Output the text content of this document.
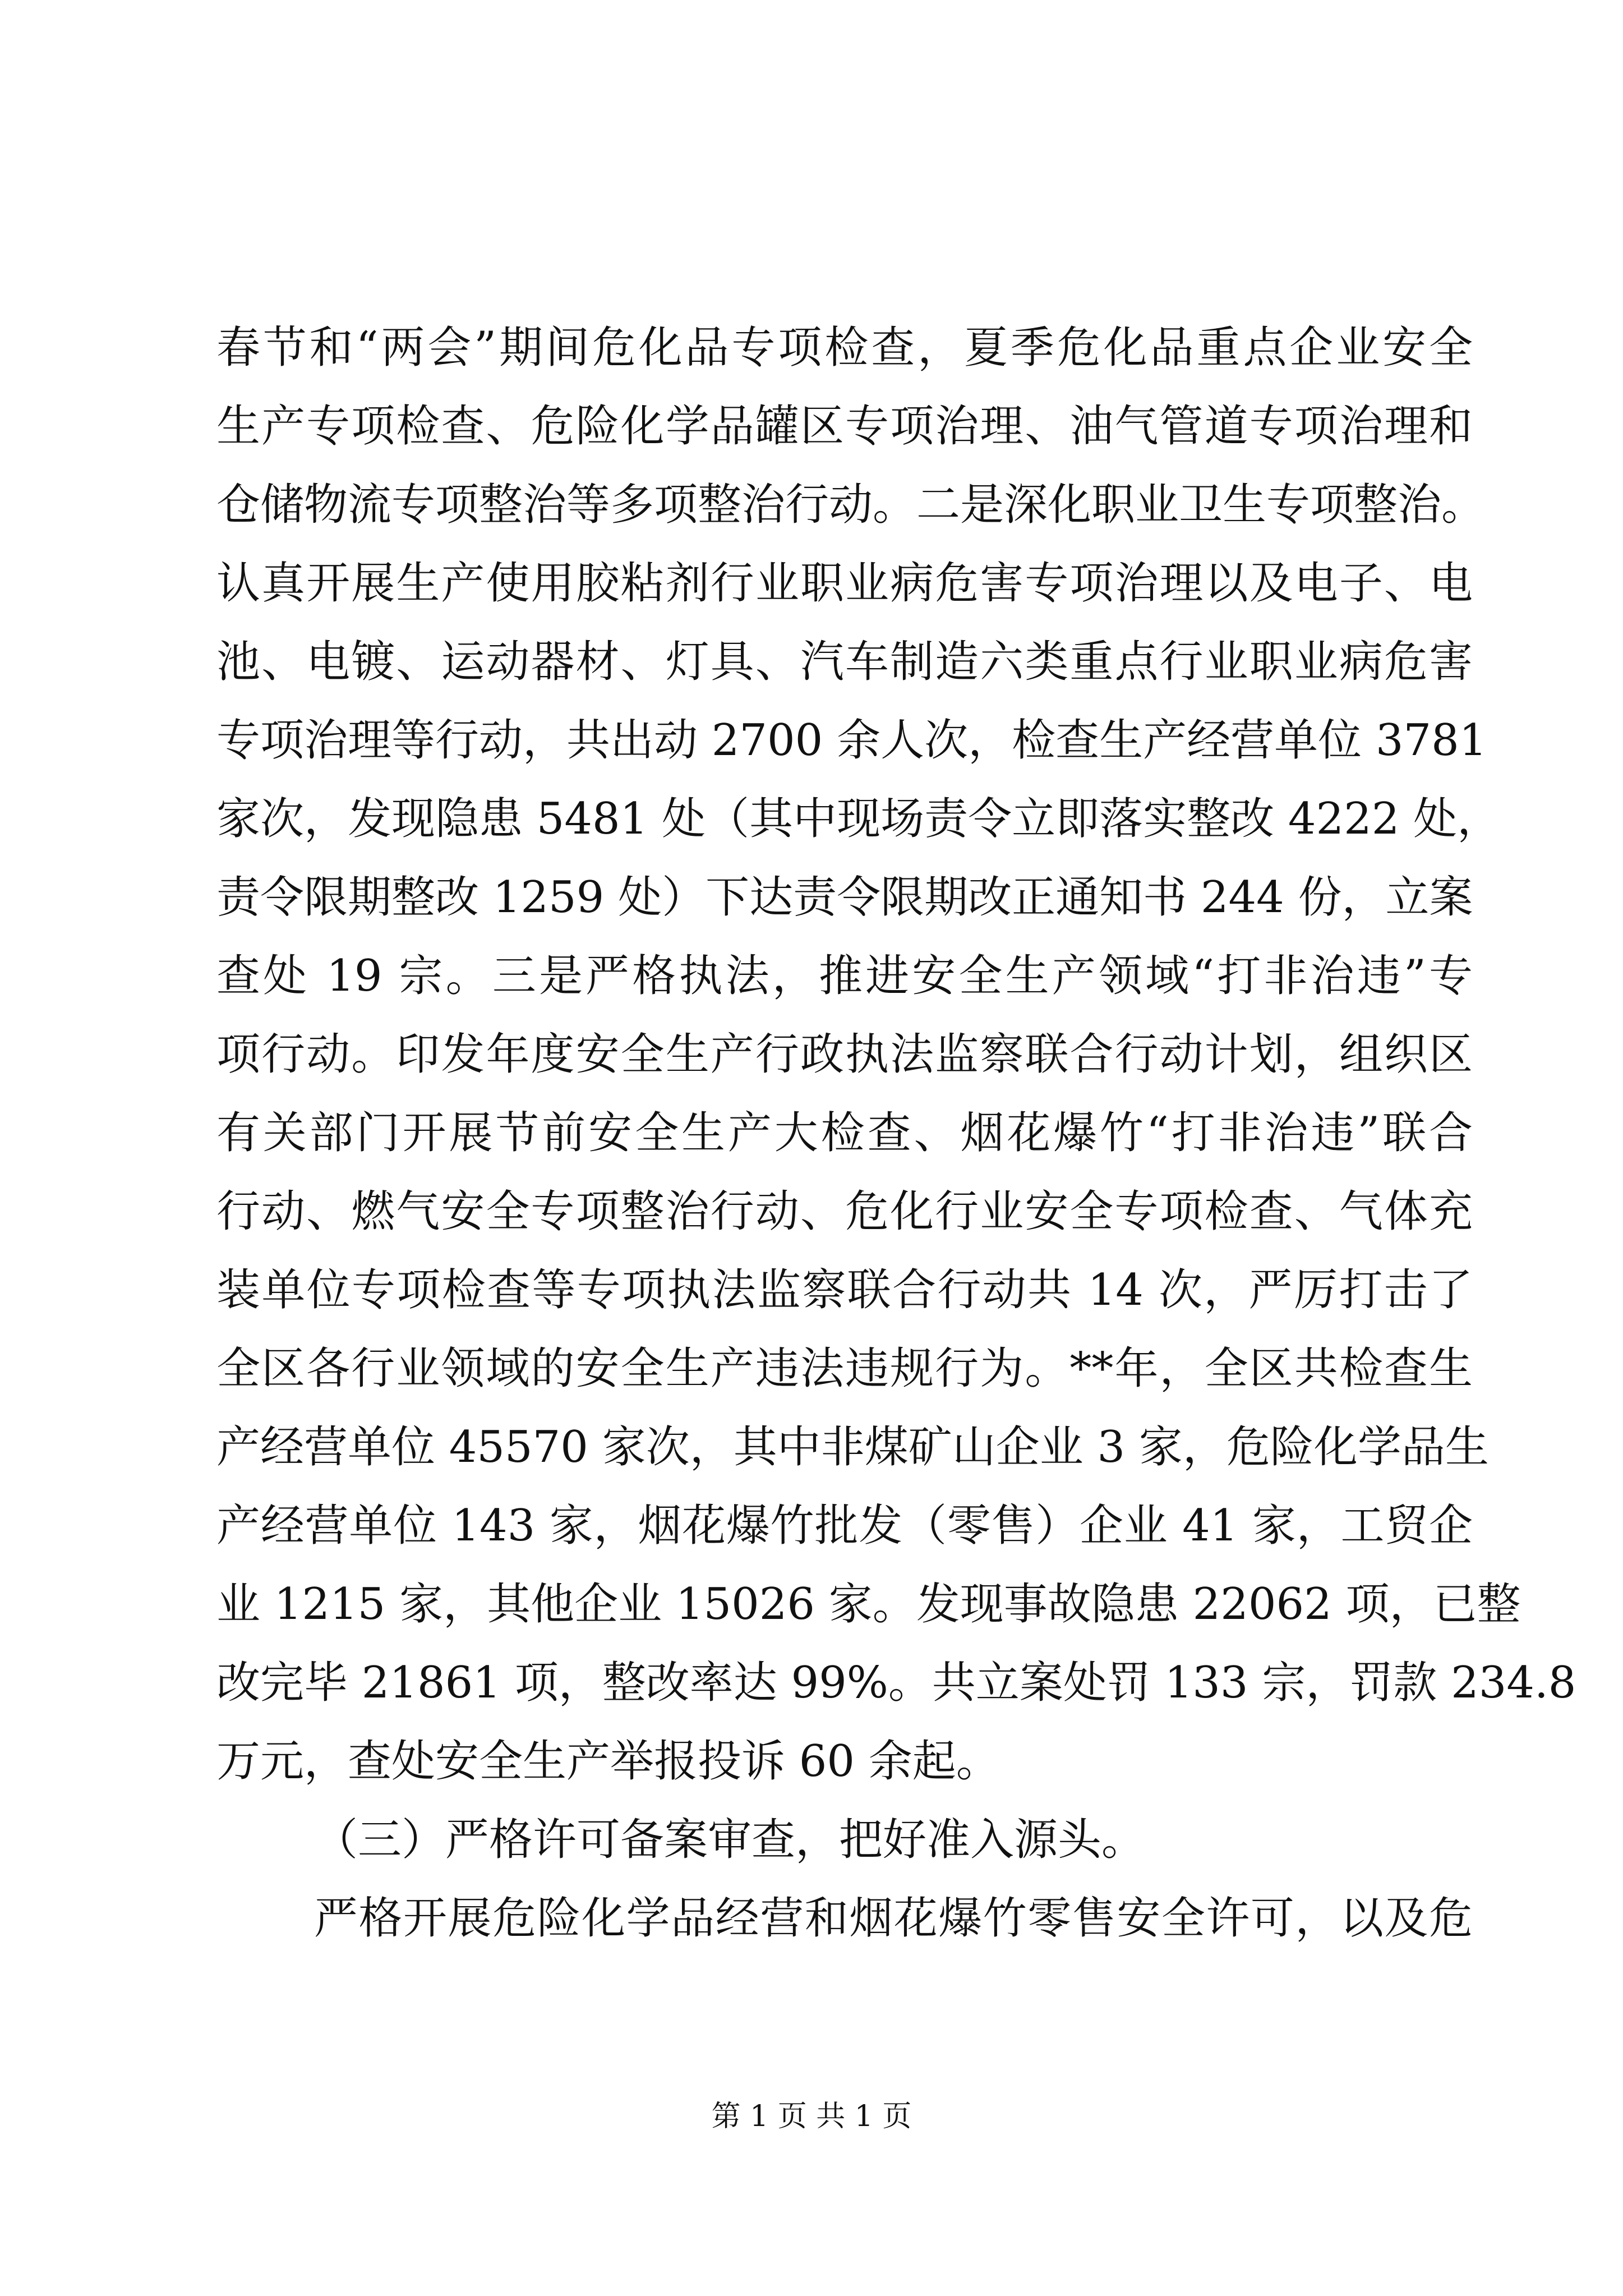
春节和“两会”期间危化品专项检查，夏季危化品重点企业安全
生产专项检查、危险化学品罐区专项治理、油气管道专项治理和
仓储物流专项整治等多项整治行动。二是深化职业卫生专项整治。
认真开展生产使用胶粘剂行业职业病危害专项治理以及电子、电
池、电镀、运动器材、灯具、汽车制造六类重点行业职业病危害
专项治理等行动，共出动 2700 余人次，检查生产经营单位 3781
家次，发现隐患 5481 处（其中现场责令立即落实整改 4222 处，
责令限期整改 1259 处）下达责令限期改正通知书 244 份，立案
查处 19 宗。三是严格执法，推进安全生产领域“打非治违”专
项行动。印发年度安全生产行政执法监察联合行动计划，组织区
有关部门开展节前安全生产大检查、烟花爆竹“打非治违”联合
行动、燃气安全专项整治行动、危化行业安全专项检查、气体充
装单位专项检查等专项执法监察联合行动共 14 次，严厉打击了
全区各行业领域的安全生产违法违规行为。**年，全区共检查生
产经营单位 45570 家次，其中非煤矿山企业 3 家，危险化学品生
产经营单位 143 家，烟花爆竹批发（零售）企业 41 家，工贸企
业 1215 家，其他企业 15026 家。发现事故隐患 22062 项，已整
改完毕 21861 项，整改率达 99%。共立案处罚 133 宗，罚款 234.8
万元，查处安全生产举报投诉 60 余起。
（三）严格许可备案审查，把好准入源头。
严格开展危险化学品经营和烟花爆竹零售安全许可，以及危
第 1 页 共 1 页
